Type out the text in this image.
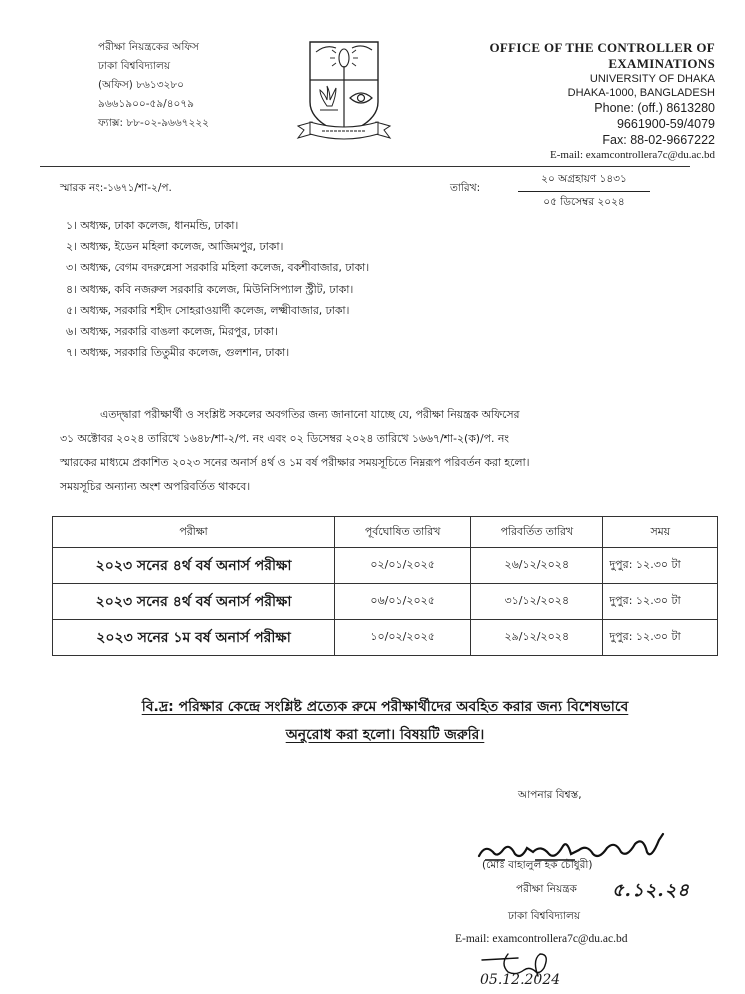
পরীক্ষা নিয়ন্ত্রকের অফিস
ঢাকা বিশ্ববিদ্যালয়
(অফিস) ৮৬১৩২৮০
৯৬৬১৯০০-৫৯/৪০৭৯
ফ্যাক্স: ৮৮-০২-৯৬৬৭২২২
OFFICE OF THE CONTROLLER OF
EXAMINATIONS
UNIVERSITY OF DHAKA
DHAKA-1000, BANGLADESH
Phone: (off.) 8613280
9661900-59/4079
Fax: 88-02-9667222
E-mail: examcontrollera7c@du.ac.bd
স্মারক নং:-১৬৭১/শা-২/প.	তারিখ:
২০ অগ্রহায়ণ ১৪৩১
০৫ ডিসেম্বর ২০২৪
১। অধ্যক্ষ, ঢাকা কলেজ, ধানমন্ডি, ঢাকা।
২। অধ্যক্ষ, ইডেন মহিলা কলেজ, আজিমপুর, ঢাকা।
৩। অধ্যক্ষ, বেগম বদরুন্নেসা সরকারি মহিলা কলেজ, বকশীবাজার, ঢাকা।
৪। অধ্যক্ষ, কবি নজরুল সরকারি কলেজ, মিউনিসিপ্যাল স্ট্রীট, ঢাকা।
৫। অধ্যক্ষ, সরকারি শহীদ সোহরাওয়ার্দী কলেজ, লক্ষ্মীবাজার, ঢাকা।
৬। অধ্যক্ষ, সরকারি বাঙলা কলেজ, মিরপুর, ঢাকা।
৭। অধ্যক্ষ, সরকারি তিতুমীর কলেজ, গুলশান, ঢাকা।
এতদ্দ্বারা পরীক্ষার্থী ও সংশ্লিষ্ট সকলের অবগতির জন্য জানানো যাচ্ছে যে, পরীক্ষা নিয়ন্ত্রক অফিসের
৩১ অক্টোবর ২০২৪ তারিখে ১৬৪৮/শা-২/প. নং এবং ০২ ডিসেম্বর ২০২৪ তারিখে ১৬৬৭/শা-২(ক)/প. নং
স্মারকের মাধ্যমে প্রকাশিত ২০২৩ সনের অনার্স ৪র্থ ও ১ম বর্ষ পরীক্ষার সময়সূচিতে নিম্নরূপ পরিবর্তন করা হলো।
সময়সূচির অন্যান্য অংশ অপরিবর্তিত থাকবে।
পরীক্ষা	পূর্বঘোষিত তারিখ	পরিবর্তিত তারিখ	সময়
২০২৩ সনের ৪র্থ বর্ষ অনার্স পরীক্ষা	০২/০১/২০২৫	২৬/১২/২০২৪	দুপুর: ১২.৩০ টা
২০২৩ সনের ৪র্থ বর্ষ অনার্স পরীক্ষা	০৬/০১/২০২৫	৩১/১২/২০২৪	দুপুর: ১২.৩০ টা
২০২৩ সনের ১ম বর্ষ অনার্স পরীক্ষা	১০/০২/২০২৫	২৯/১২/২০২৪	দুপুর: ১২.৩০ টা
বি.দ্র: পরিক্ষার কেন্দ্রে সংশ্লিষ্ট প্রত্যেক রুমে পরীক্ষার্থীদের অবহিত করার জন্য বিশেষভাবে
অনুরোধ করা হলো। বিষয়টি জরুরি।
আপনার বিশ্বস্ত,
(মোঃ বাহালুল হক চৌধুরী)
পরীক্ষা নিয়ন্ত্রক ৫.১২.২৪
ঢাকা বিশ্ববিদ্যালয়
E-mail: examcontrollera7c@du.ac.bd
05.12.2024
